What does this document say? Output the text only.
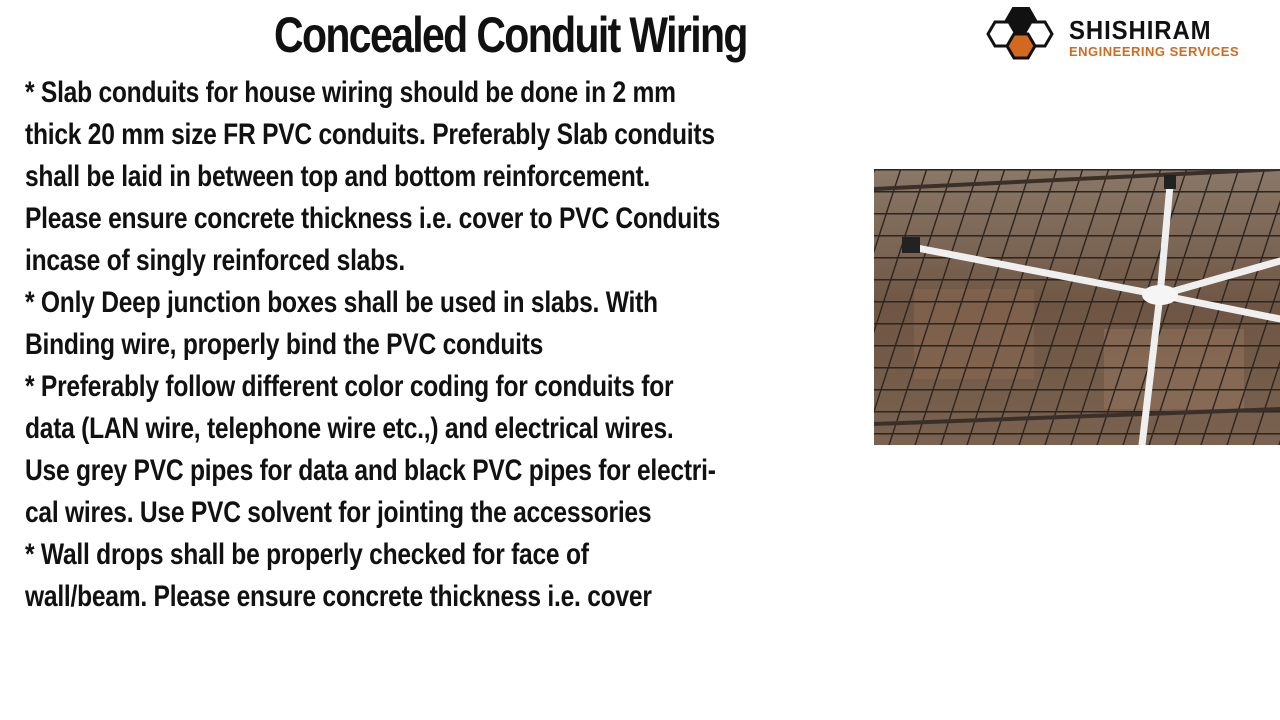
Concealed Conduit Wiring	SHISHIRAM
ENGINEERING SERVICES
* Slab conduits for house wiring should be done in 2 mm
thick 20 mm size FR PVC conduits. Preferably Slab conduits
shall be laid in between top and bottom reinforcement.
Please ensure concrete thickness i.e. cover to PVC Conduits
incase of singly reinforced slabs.
* Only Deep junction boxes shall be used in slabs. With
Binding wire, properly bind the PVC conduits
* Preferably follow different color coding for conduits for
data (LAN wire, telephone wire etc.,) and electrical wires.
Use grey PVC pipes for data and black PVC pipes for electri-
cal wires. Use PVC solvent for jointing the accessories
* Wall drops shall be properly checked for face of
wall/beam. Please ensure concrete thickness i.e. cover
